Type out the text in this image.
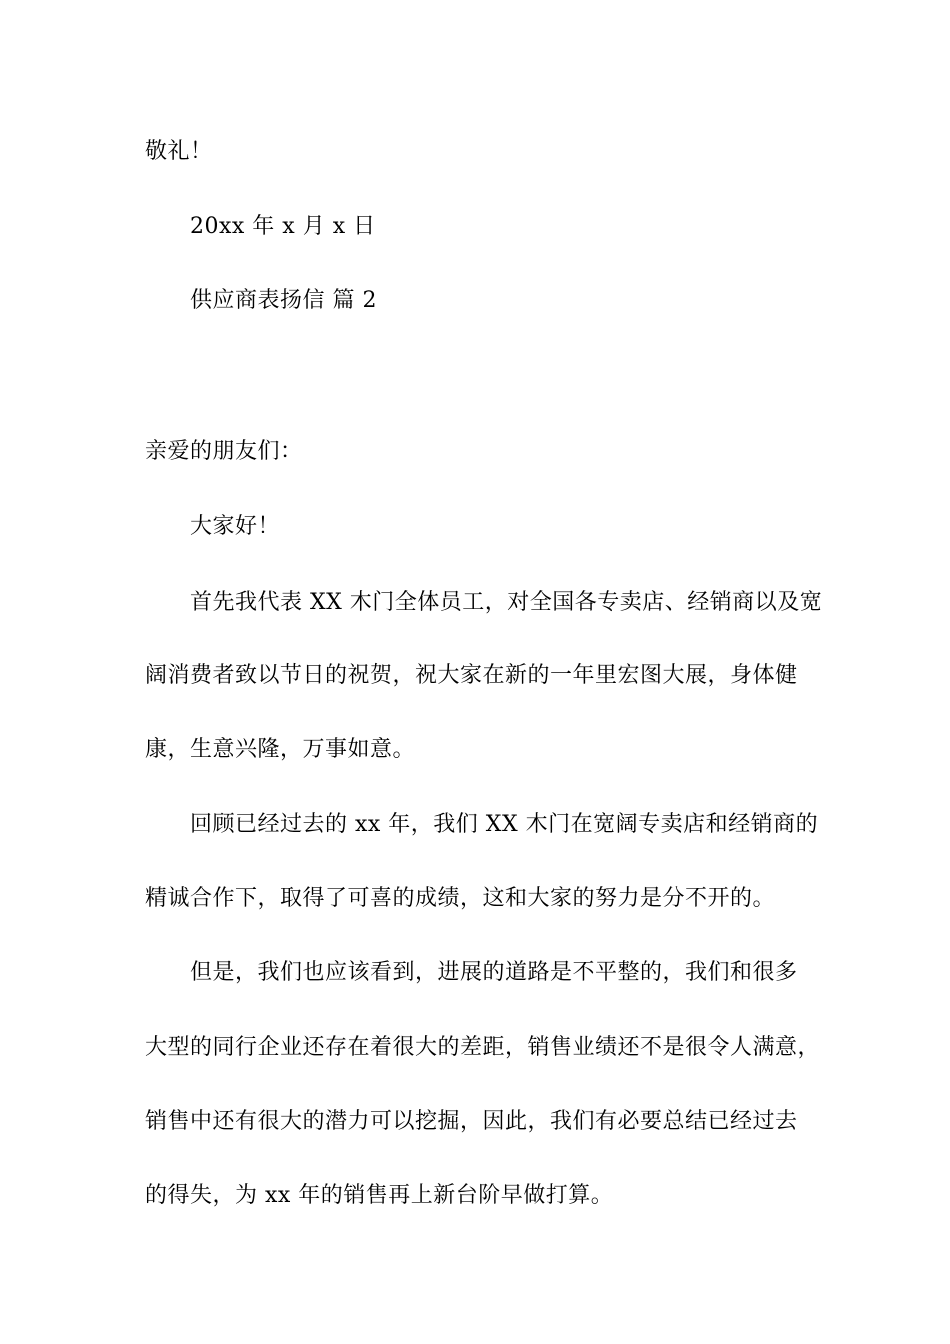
敬礼！
20xx 年 x 月 x 日
供应商表扬信 篇 2
亲爱的朋友们：
大家好！
首先我代表 XX 木门全体员工，对全国各专卖店、经销商以及宽
阔消费者致以节日的祝贺，祝大家在新的一年里宏图大展，身体健
康，生意兴隆，万事如意。
回顾已经过去的 xx 年，我们 XX 木门在宽阔专卖店和经销商的
精诚合作下，取得了可喜的成绩，这和大家的努力是分不开的。
但是，我们也应该看到，进展的道路是不平整的，我们和很多
大型的同行企业还存在着很大的差距，销售业绩还不是很令人满意，
销售中还有很大的潜力可以挖掘，因此，我们有必要总结已经过去
的得失，为 xx 年的销售再上新台阶早做打算。
